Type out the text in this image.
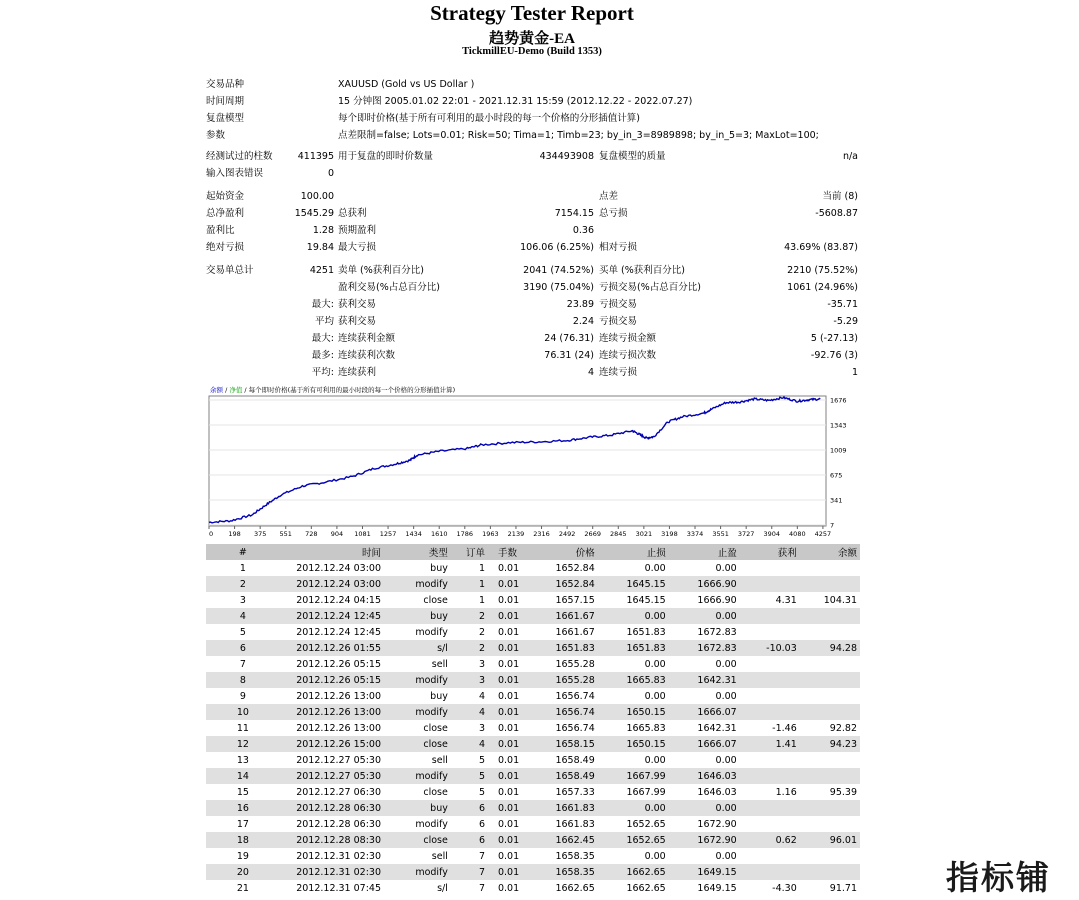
Strategy Tester Report
趋势黄金-EA
TickmillEU-Demo (Build 1353)
交易品种	XAUUSD (Gold vs US Dollar )
时间周期	15 分钟图 2005.01.02 22:01 - 2021.12.31 15:59 (2012.12.22 - 2022.07.27)
复盘模型	每个即时价格(基于所有可利用的最小时段的每一个价格的分形插值计算)
参数	点差限制=false; Lots=0.01; Risk=50; Tima=1; Timb=23; by_in_3=8989898; by_in_5=3; MaxLot=100;
经测试过的柱数	411395 用于复盘的即时价数量	434493908 复盘模型的质量	n/a
输入图表错误	0
起始资金	100.00	点差	当前 (8)
总净盈利	1545.29 总获利	7154.15 总亏损	-5608.87
盈利比	1.28 预期盈利	0.36
绝对亏损	19.84 最大亏损	106.06 (6.25%) 相对亏损	43.69% (83.87)
交易单总计	4251 卖单 (%获利百分比)	2041 (74.52%) 买单 (%获利百分比)	2210 (75.52%)
盈利交易(%占总百分比)	3190 (75.04%) 亏损交易(%占总百分比)	1061 (24.96%)
最大: 获利交易	23.89 亏损交易	-35.71
平均 获利交易	2.24 亏损交易	-5.29
最大: 连续获利金额	24 (76.31) 连续亏损金额	5 (-27.13)
最多: 连续获利次数	76.31 (24) 连续亏损次数	-92.76 (3)
平均: 连续获利	4 连续亏损	1
余额 / 净值 / 每个即时价格(基于所有可利用的最小时段的每一个价格的分形插值计算)
0 198 375 551 728 904 1081 1257 1434 1610 1786 1963 2139 2316 2492 2669 2845 3021 3198 3374 3551 3727 3904 4080 4257
1676
1343
1009
675
341
7
#	时间	类型	订单	手数	价格	止损	止盈	获利	余额
1	2012.12.24 03:00	buy	1	0.01	1652.84	0.00	0.00		
2	2012.12.24 03:00	modify	1	0.01	1652.84	1645.15	1666.90		
3	2012.12.24 04:15	close	1	0.01	1657.15	1645.15	1666.90	4.31	104.31
4	2012.12.24 12:45	buy	2	0.01	1661.67	0.00	0.00		
5	2012.12.24 12:45	modify	2	0.01	1661.67	1651.83	1672.83		
6	2012.12.26 01:55	s/l	2	0.01	1651.83	1651.83	1672.83	-10.03	94.28
7	2012.12.26 05:15	sell	3	0.01	1655.28	0.00	0.00		
8	2012.12.26 05:15	modify	3	0.01	1655.28	1665.83	1642.31		
9	2012.12.26 13:00	buy	4	0.01	1656.74	0.00	0.00		
10	2012.12.26 13:00	modify	4	0.01	1656.74	1650.15	1666.07		
11	2012.12.26 13:00	close	3	0.01	1656.74	1665.83	1642.31	-1.46	92.82
12	2012.12.26 15:00	close	4	0.01	1658.15	1650.15	1666.07	1.41	94.23
13	2012.12.27 05:30	sell	5	0.01	1658.49	0.00	0.00		
14	2012.12.27 05:30	modify	5	0.01	1658.49	1667.99	1646.03		
15	2012.12.27 06:30	close	5	0.01	1657.33	1667.99	1646.03	1.16	95.39
16	2012.12.28 06:30	buy	6	0.01	1661.83	0.00	0.00		
17	2012.12.28 06:30	modify	6	0.01	1661.83	1652.65	1672.90		
18	2012.12.28 08:30	close	6	0.01	1662.45	1652.65	1672.90	0.62	96.01
19	2012.12.31 02:30	sell	7	0.01	1658.35	0.00	0.00		
20	2012.12.31 02:30	modify	7	0.01	1658.35	1662.65	1649.15		
21	2012.12.31 07:45	s/l	7	0.01	1662.65	1662.65	1649.15	-4.30	91.71	指标铺
